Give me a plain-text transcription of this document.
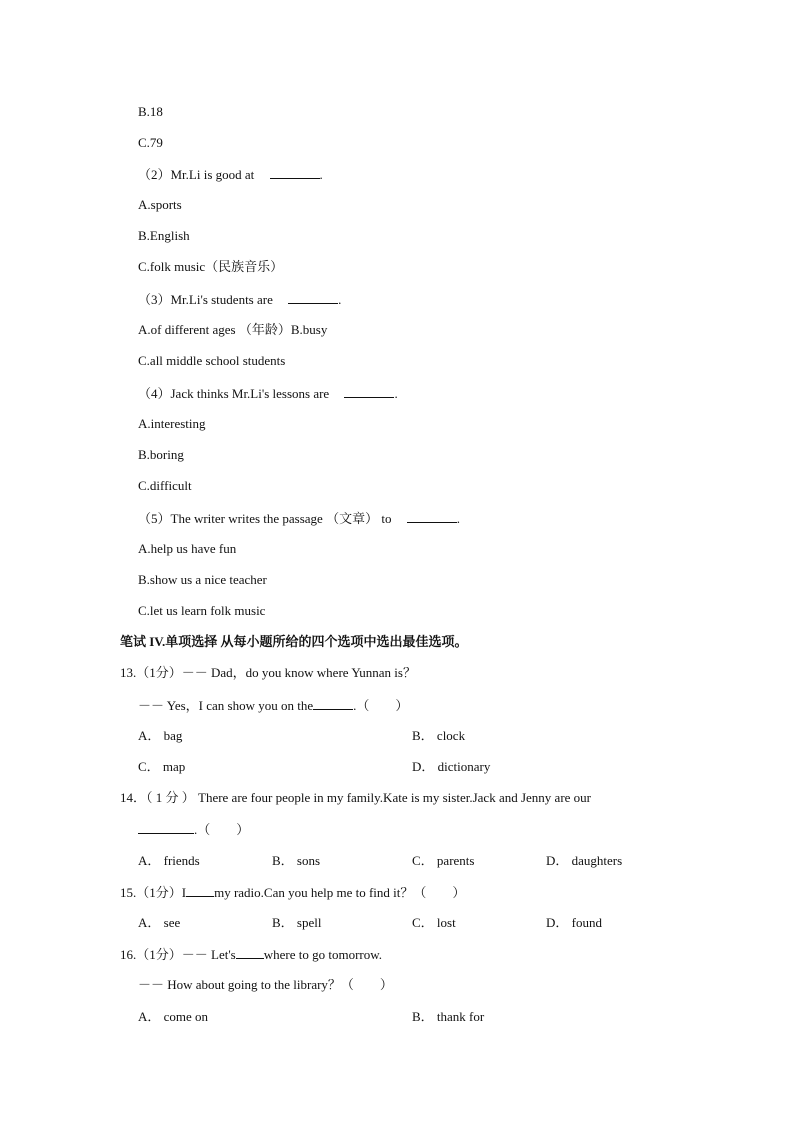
B.18
C.79
（2）Mr.Li is good at	.
A.sports
B.English
C.folk music（民族音乐）
（3）Mr.Li's students are	.
A.of different ages （年龄）B.busy
C.all middle school students
（4）Jack thinks Mr.Li's lessons are	.
A.interesting
B.boring
C.difficult
（5）The writer writes the passage （文章） to	.
A.help us have fun
B.show us a nice teacher
C.let us learn folk music
笔试 IV.单项选择 从每小题所给的四个选项中选出最佳选项。
13.（1分）－－ Dad，do you know where Yunnan is？
－－ Yes，I can show you on the	.（　　）
A． bag	B． clock
C． map	D． dictionary
14．（ 1 分 ） There are four people in my family.Kate is my sister.Jack and Jenny are our
.（　　）
A． friends	B． sons	C． parents	D． daughters
15.（1分）I my radio.Can you help me to find it？（　　）
A． see	B． spell	C． lost	D． found
16.（1分）－－ Let's where to go tomorrow.
－－ How about going to the library？（　　）
A． come on	B． thank for
